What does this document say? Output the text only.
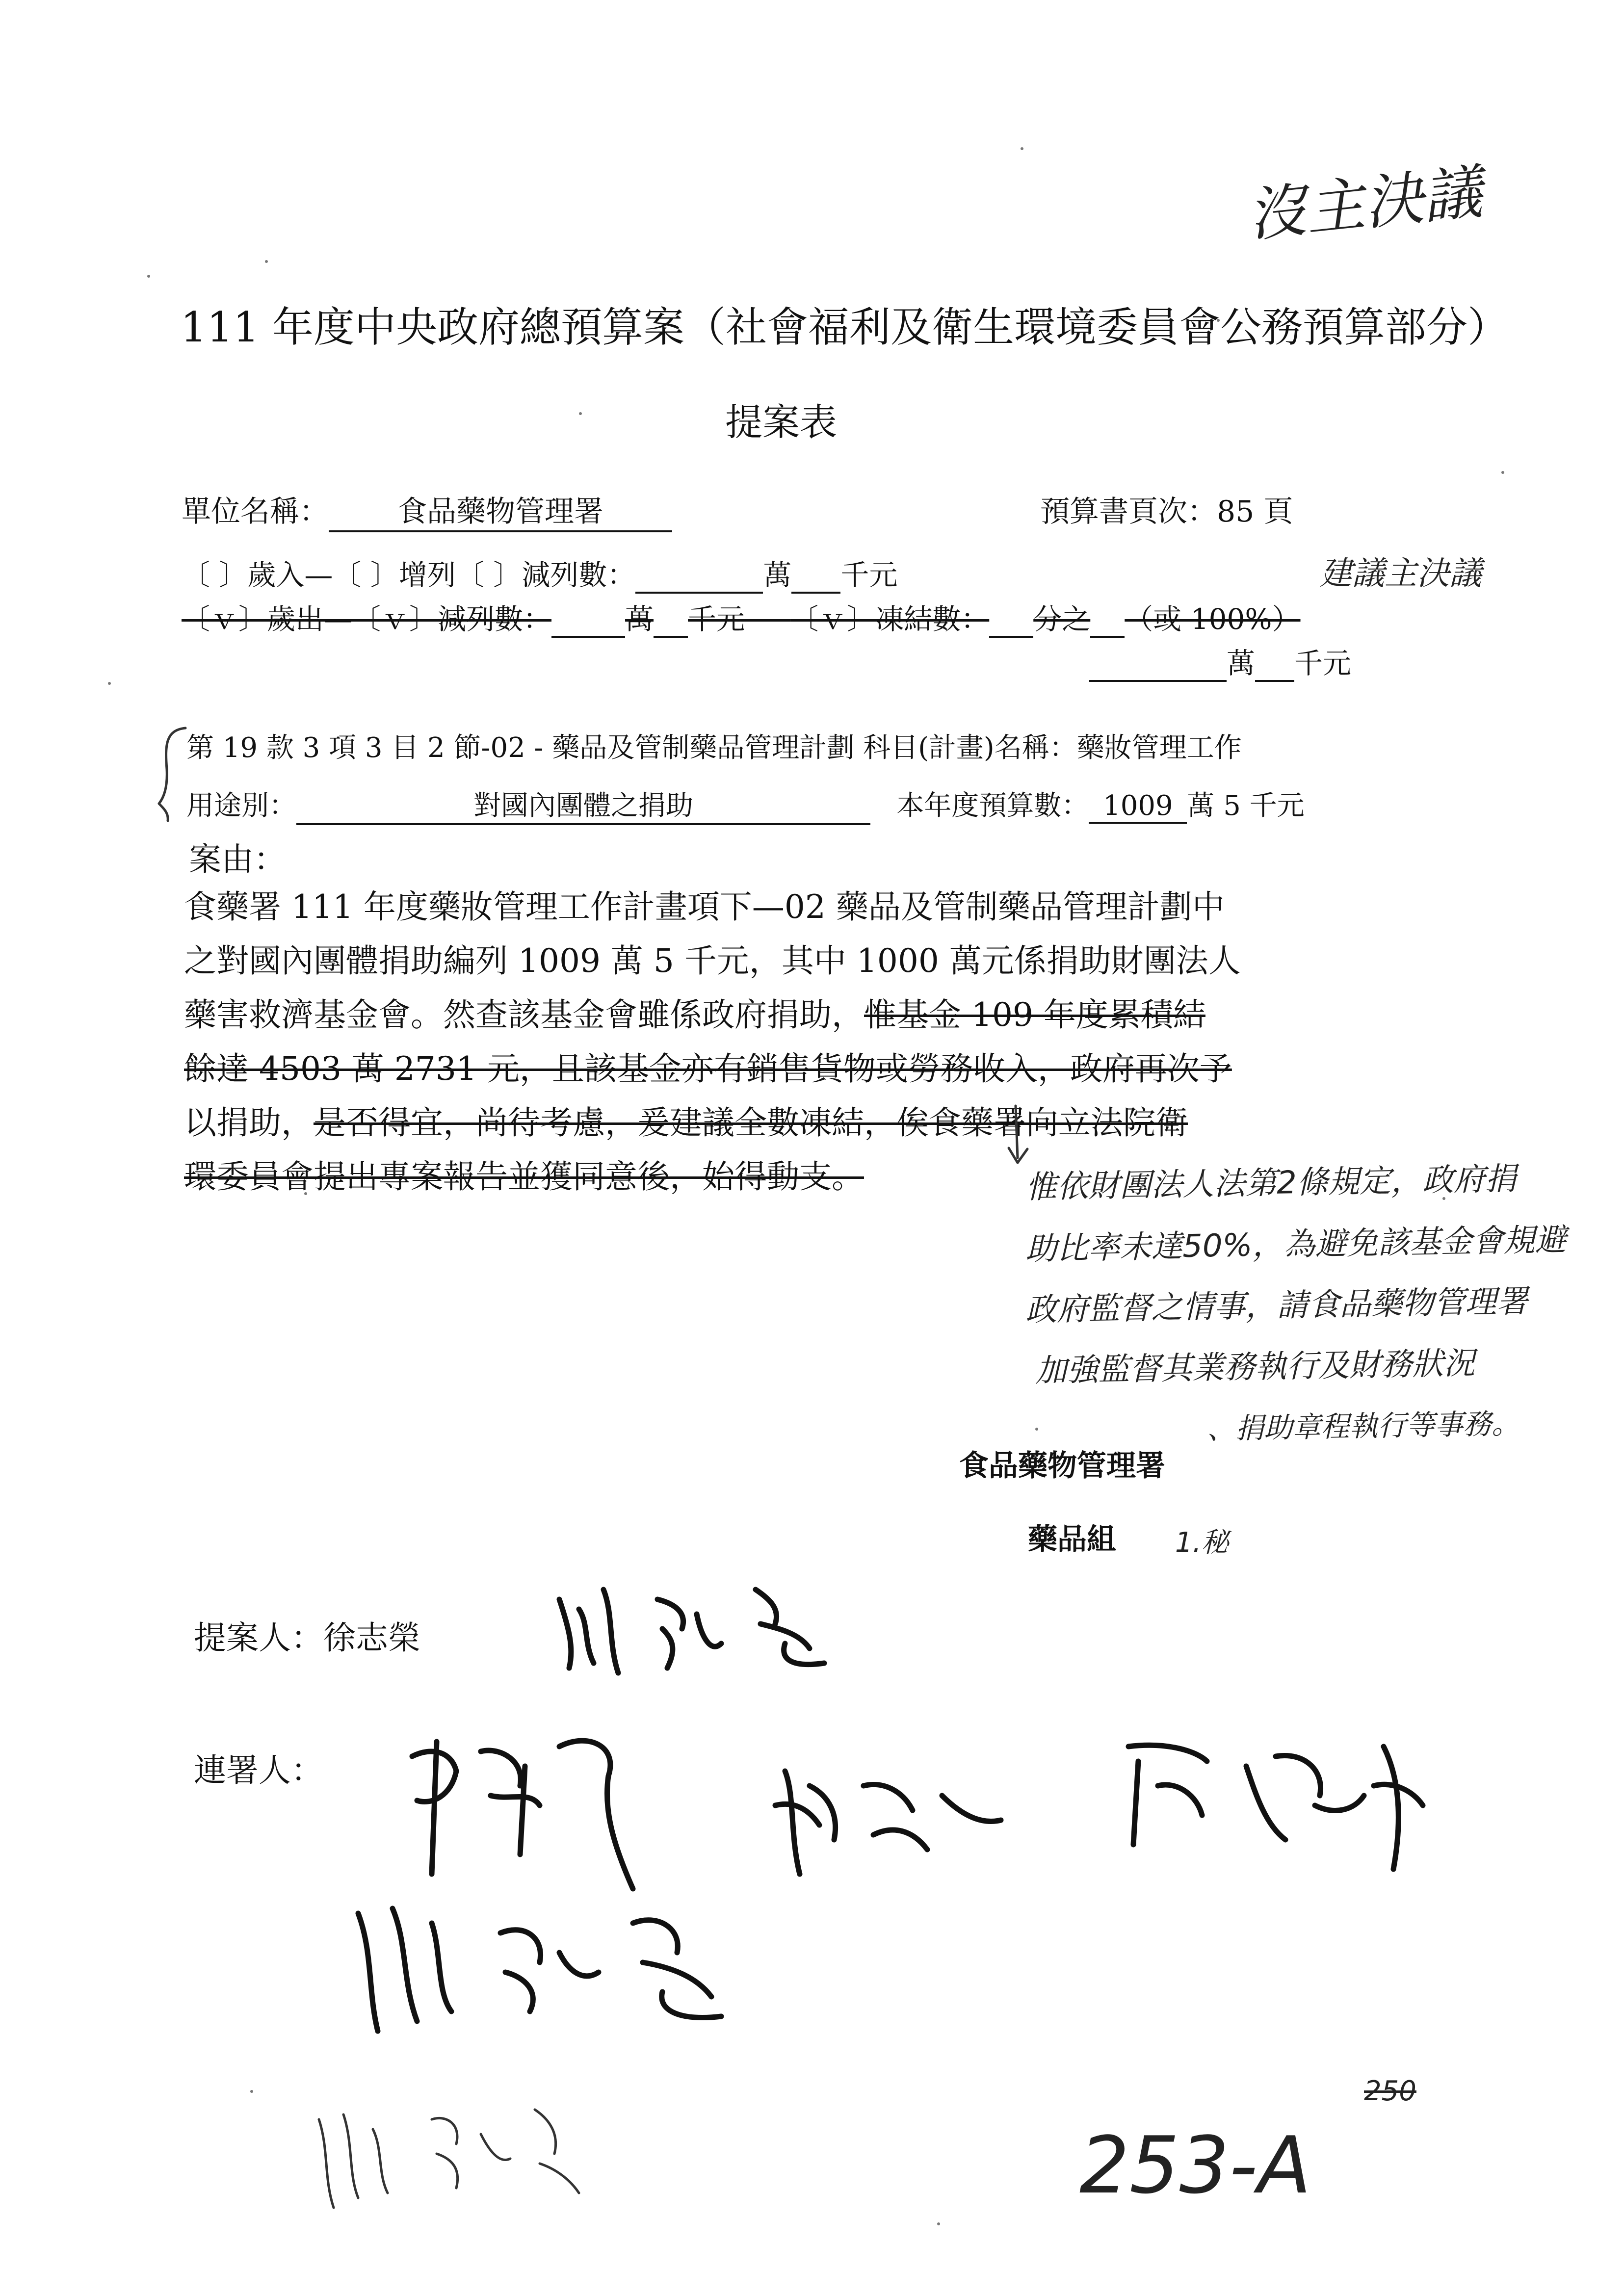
沒主決議
111 年度中央政府總預算案（社會福利及衛生環境委員會公務預算部分）
提案表
單位名稱： 食品藥物管理署	預算書頁次：85 頁
〔 〕歲入—〔 〕增列〔 〕減列數：	萬 千元	建議主決議
〔ｖ〕歲出—〔ｖ〕減列數：	萬 千元 〔ｖ〕凍結數： 分之 （或 100%）
萬 千元
第 19 款 3 項 3 目 2 節-02 - 藥品及管制藥品管理計劃 科目(計畫)名稱：藥妝管理工作
用途別：	對國內團體之捐助	本年度預算數： 1009 萬 5 千元
案由：
食藥署 111 年度藥妝管理工作計畫項下—02 藥品及管制藥品管理計劃中
之對國內團體捐助編列 1009 萬 5 千元，其中 1000 萬元係捐助財團法人
藥害救濟基金會。然查該基金會雖係政府捐助，惟基金 109 年度累積結
餘達 4503 萬 2731 元，且該基金亦有銷售貨物或勞務收入，政府再次予
以捐助，是否得宜，尚待考慮，爰建議全數凍結，俟食藥署向立法院衛
環委員會提出專案報告並獲同意後，始得動支。	惟依財團法人法第2條規定，政府捐
助比率未達50%，為避免該基金會規避
政府監督之情事，請食品藥物管理署
加強監督其業務執行及財務狀況
、捐助章程執行等事務。
食品藥物管理署
藥品組 1.秘
提案人：徐志榮
連署人：
250
253-A
